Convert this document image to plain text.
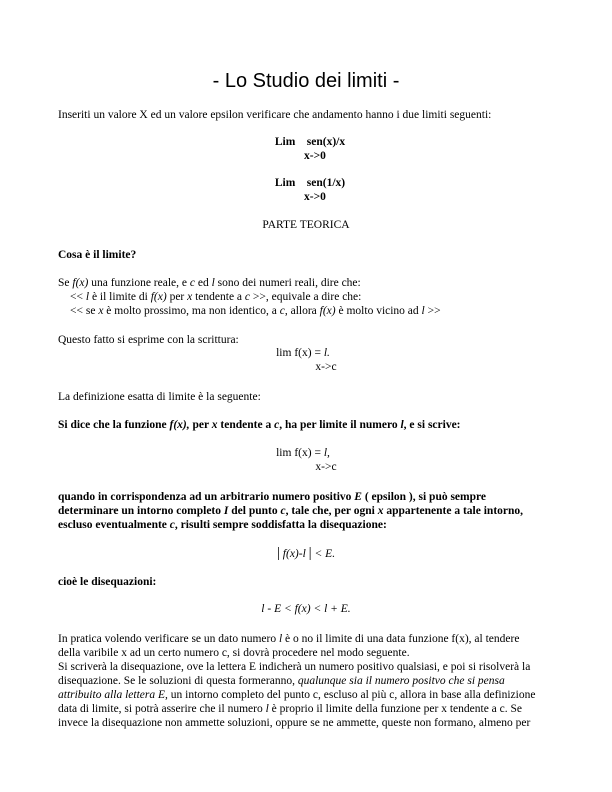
- Lo Studio dei limiti -
Inseriti un valore X ed un valore epsilon verificare che andamento hanno i due limiti seguenti:
Lim sen(x)/x
x->0
Lim sen(1/x)
x->0
PARTE TEORICA
Cosa è il limite?
Se f(x) una funzione reale, e c ed l sono dei numeri reali, dire che:
<< l è il limite di f(x) per x tendente a c >>, equivale a dire che:
<< se x è molto prossimo, ma non identico, a c, allora f(x) è molto vicino ad l >>
Questo fatto si esprime con la scrittura:
lim f(x) = l.
x->c
La definizione esatta di limite è la seguente:
Si dice che la funzione f(x), per x tendente a c, ha per limite il numero l, e si scrive:
lim f(x) = l,
x->c
quando in corrispondenza ad un arbitrario numero positivo E ( epsilon ), si può sempre
determinare un intorno completo I del punto c, tale che, per ogni x appartenente a tale intorno,
escluso eventualmente c, risulti sempre soddisfatta la disequazione:
| f(x)-l | < E.
cioè le disequazioni:
l - E < f(x) < l + E.
In pratica volendo verificare se un dato numero l è o no il limite di una data funzione f(x), al tendere
della varibile x ad un certo numero c, si dovrà procedere nel modo seguente.
Si scriverà la disequazione, ove la lettera E indicherà un numero positivo qualsiasi, e poi si risolverà la
disequazione. Se le soluzioni di questa formeranno, qualunque sia il numero positvo che si pensa
attribuito alla lettera E, un intorno completo del punto c, escluso al più c, allora in base alla definizione
data di limite, si potrà asserire che il numero l è proprio il limite della funzione per x tendente a c. Se
invece la disequazione non ammette soluzioni, oppure se ne ammette, queste non formano, almeno per
